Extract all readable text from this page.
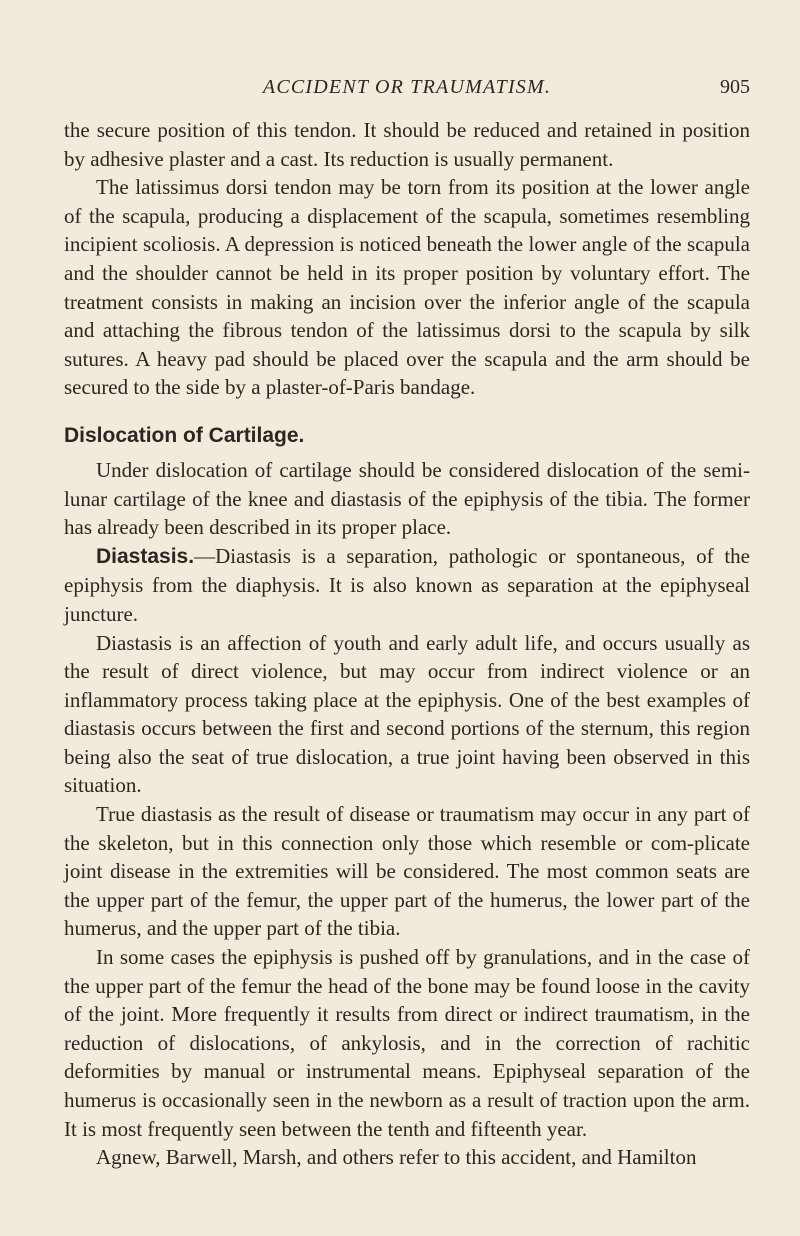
ACCIDENT OR TRAUMATISM.	905

the secure position of this tendon. It should be reduced and retained in position by adhesive plaster and a cast. Its reduction is usually permanent.

The latissimus dorsi tendon may be torn from its position at the lower angle of the scapula, producing a displacement of the scapula, sometimes resembling incipient scoliosis. A depression is noticed beneath the lower angle of the scapula and the shoulder cannot be held in its proper position by voluntary effort. The treatment consists in making an incision over the inferior angle of the scapula and attaching the fibrous tendon of the latissimus dorsi to the scapula by silk sutures. A heavy pad should be placed over the scapula and the arm should be secured to the side by a plaster-of-Paris bandage.

Dislocation of Cartilage.

Under dislocation of cartilage should be considered dislocation of the semi-lunar cartilage of the knee and diastasis of the epiphysis of the tibia. The former has already been described in its proper place.

Diastasis.—Diastasis is a separation, pathologic or spontaneous, of the epiphysis from the diaphysis. It is also known as separation at the epiphyseal juncture.

Diastasis is an affection of youth and early adult life, and occurs usually as the result of direct violence, but may occur from indirect violence or an inflammatory process taking place at the epiphysis. One of the best examples of diastasis occurs between the first and second portions of the sternum, this region being also the seat of true dislocation, a true joint having been observed in this situation.

True diastasis as the result of disease or traumatism may occur in any part of the skeleton, but in this connection only those which resemble or com-plicate joint disease in the extremities will be considered. The most common seats are the upper part of the femur, the upper part of the humerus, the lower part of the humerus, and the upper part of the tibia.

In some cases the epiphysis is pushed off by granulations, and in the case of the upper part of the femur the head of the bone may be found loose in the cavity of the joint. More frequently it results from direct or indirect traumatism, in the reduction of dislocations, of ankylosis, and in the correction of rachitic deformities by manual or instrumental means. Epiphyseal separation of the humerus is occasionally seen in the newborn as a result of traction upon the arm. It is most frequently seen between the tenth and fifteenth year.

Agnew, Barwell, Marsh, and others refer to this accident, and Hamilton
